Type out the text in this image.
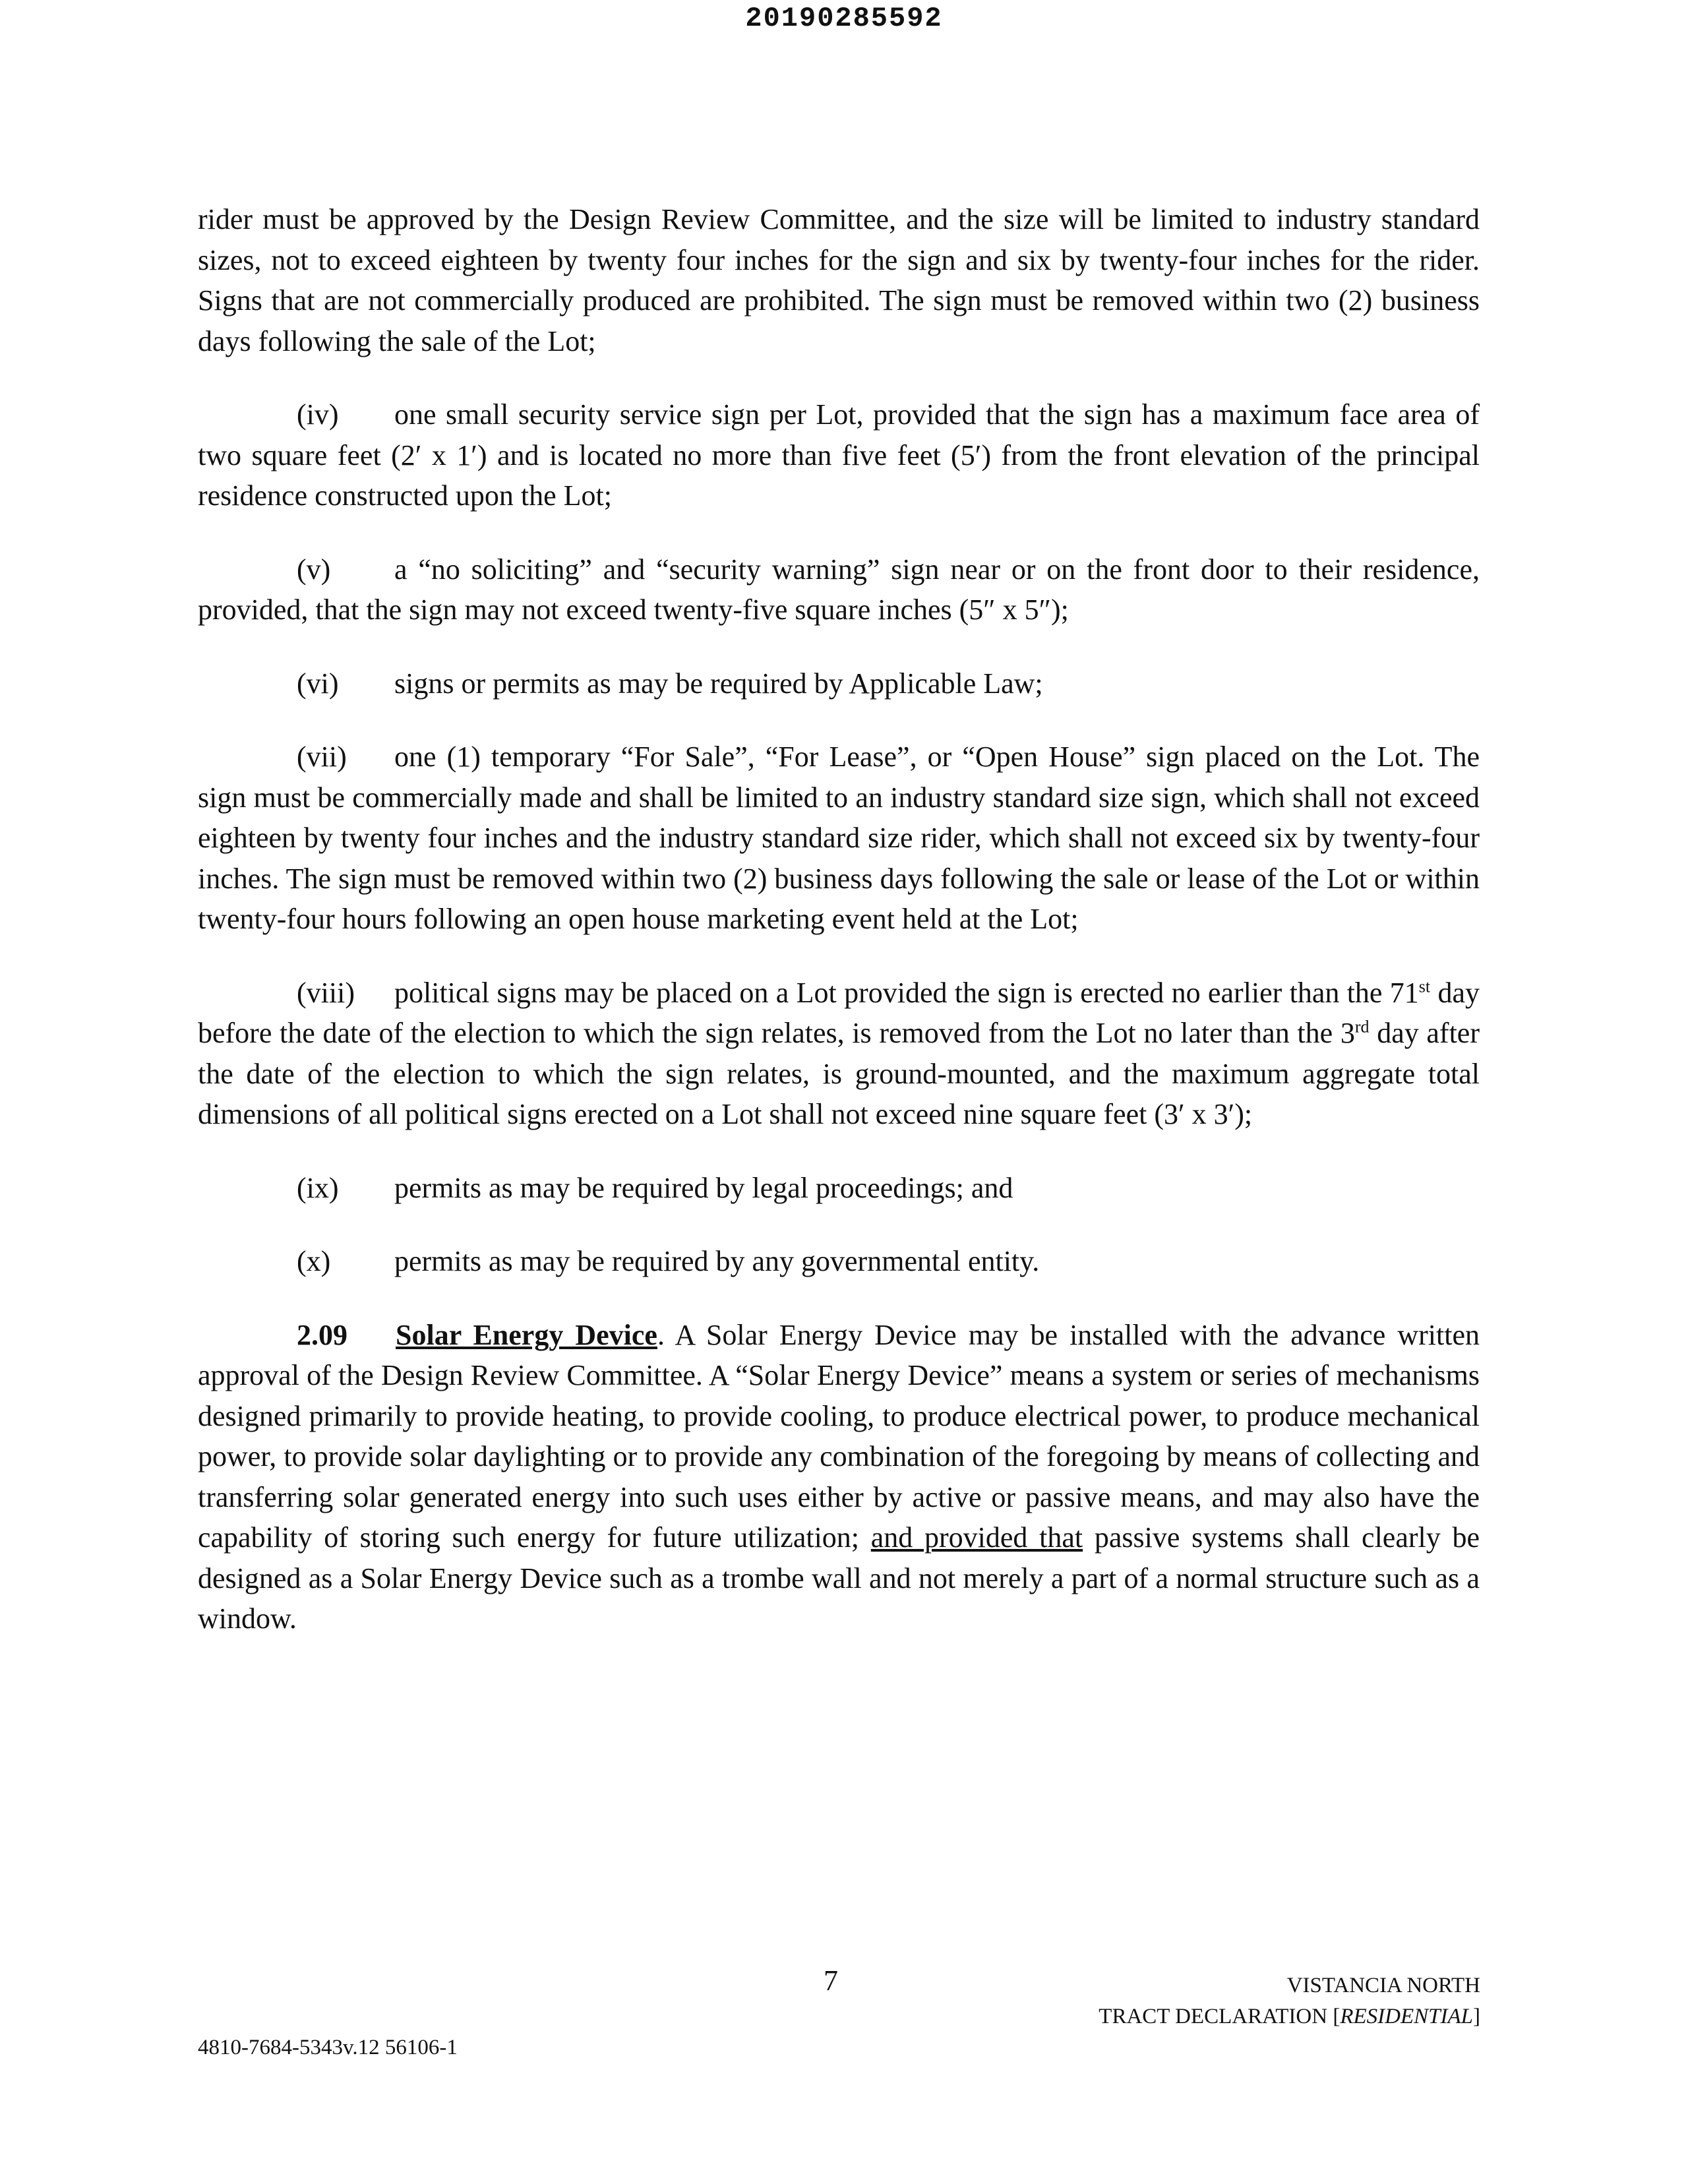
20190285592

rider must be approved by the Design Review Committee, and the size will be limited to industry standard sizes, not to exceed eighteen by twenty four inches for the sign and six by twenty-four inches for the rider. Signs that are not commercially produced are prohibited. The sign must be removed within two (2) business days following the sale of the Lot;

(iv) one small security service sign per Lot, provided that the sign has a maximum face area of two square feet (2′ x 1′) and is located no more than five feet (5′) from the front elevation of the principal residence constructed upon the Lot;

(v) a “no soliciting” and “security warning” sign near or on the front door to their residence, provided, that the sign may not exceed twenty-five square inches (5″ x 5″);

(vi) signs or permits as may be required by Applicable Law;

(vii) one (1) temporary “For Sale”, “For Lease”, or “Open House” sign placed on the Lot. The sign must be commercially made and shall be limited to an industry standard size sign, which shall not exceed eighteen by twenty four inches and the industry standard size rider, which shall not exceed six by twenty-four inches. The sign must be removed within two (2) business days following the sale or lease of the Lot or within twenty-four hours following an open house marketing event held at the Lot;

(viii) political signs may be placed on a Lot provided the sign is erected no earlier than the 71st day before the date of the election to which the sign relates, is removed from the Lot no later than the 3rd day after the date of the election to which the sign relates, is ground-mounted, and the maximum aggregate total dimensions of all political signs erected on a Lot shall not exceed nine square feet (3′ x 3′);

(ix) permits as may be required by legal proceedings; and

(x) permits as may be required by any governmental entity.

2.09 Solar Energy Device. A Solar Energy Device may be installed with the advance written approval of the Design Review Committee. A “Solar Energy Device” means a system or series of mechanisms designed primarily to provide heating, to provide cooling, to produce electrical power, to produce mechanical power, to provide solar daylighting or to provide any combination of the foregoing by means of collecting and transferring solar generated energy into such uses either by active or passive means, and may also have the capability of storing such energy for future utilization; and provided that passive systems shall clearly be designed as a Solar Energy Device such as a trombe wall and not merely a part of a normal structure such as a window.

7	VISTANCIA NORTH
TRACT DECLARATION [RESIDENTIAL]
4810-7684-5343v.12 56106-1
